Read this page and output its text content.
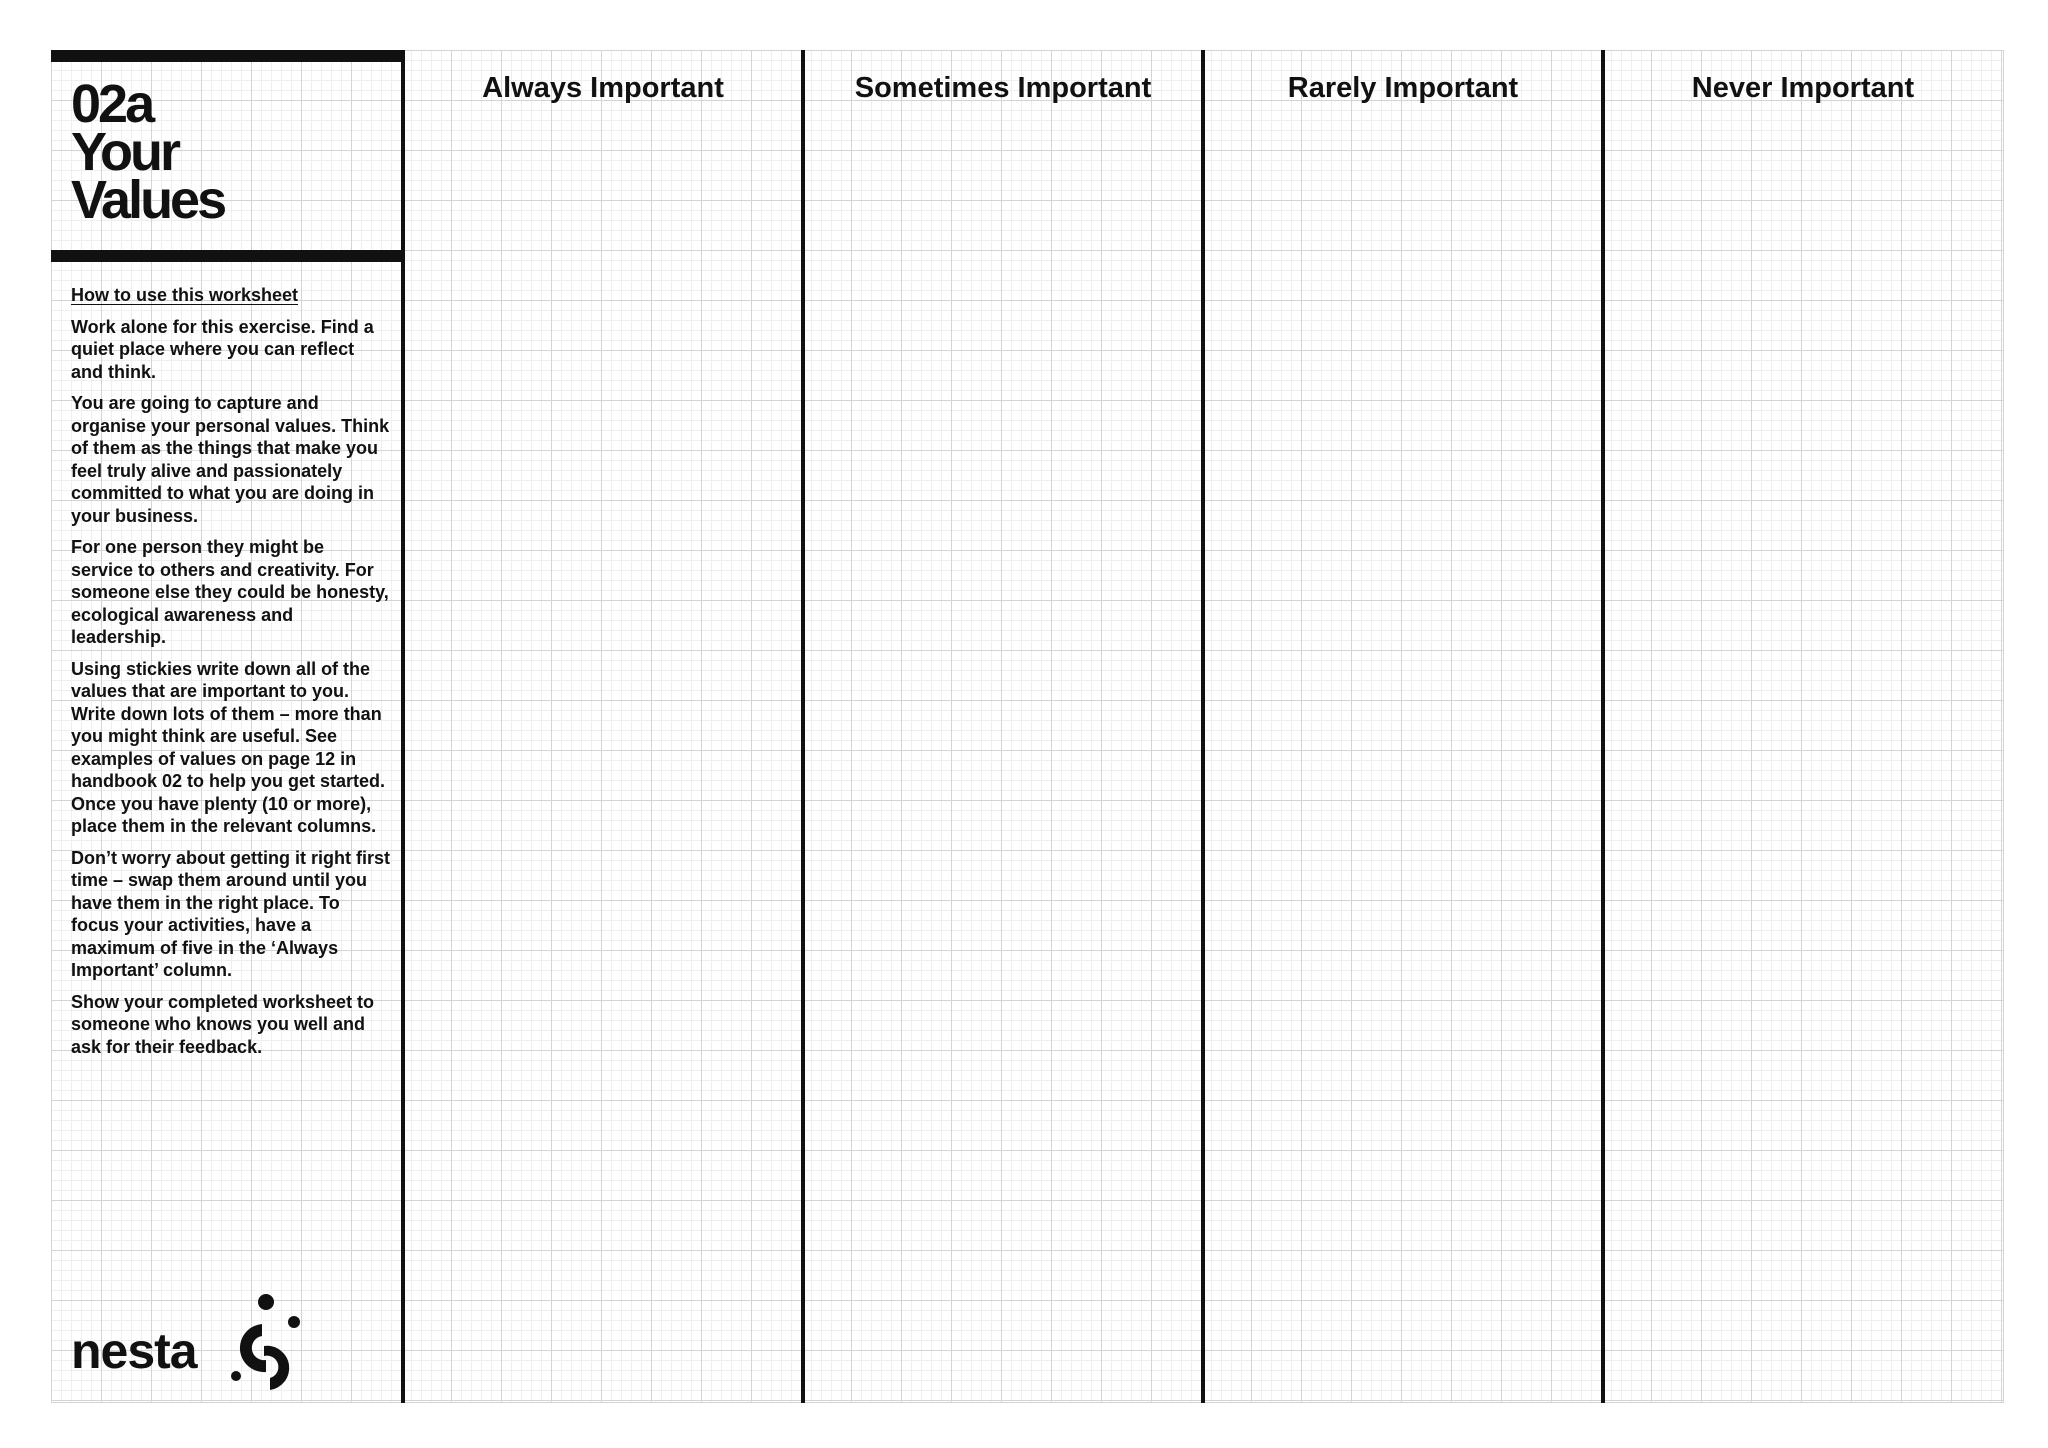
02a
Your
Values
How to use this worksheet

Work alone for this exercise. Find a quiet place where you can reflect and think.

You are going to capture and organise your personal values. Think of them as the things that make you feel truly alive and passionately committed to what you are doing in your business.

For one person they might be service to others and creativity. For someone else they could be honesty, ecological awareness and leadership.

Using stickies write down all of the values that are important to you. Write down lots of them – more than you might think are useful. See examples of values on page 12 in handbook 02 to help you get started. Once you have plenty (10 or more), place them in the relevant columns.

Don’t worry about getting it right first time – swap them around until you have them in the right place. To focus your activities, have a maximum of five in the ‘Always Important’ column.

Show your completed worksheet to someone who knows you well and ask for their feedback.

nesta
Always Important	Sometimes Important	Rarely Important	Never Important
